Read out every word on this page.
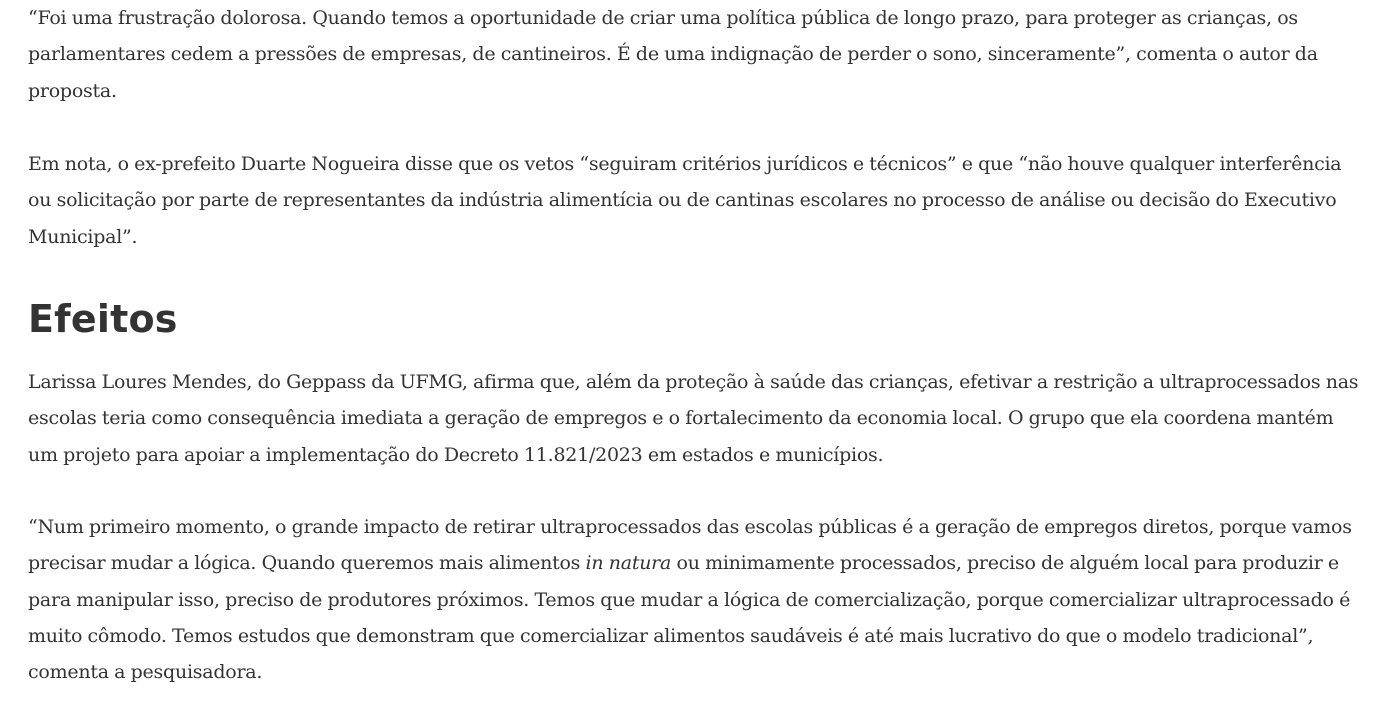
“Foi uma frustração dolorosa. Quando temos a oportunidade de criar uma política pública de longo prazo, para proteger as crianças, os parlamentares cedem a pressões de empresas, de cantineiros. É de uma indignação de perder o sono, sinceramente”, comenta o autor da proposta.

Em nota, o ex-prefeito Duarte Nogueira disse que os vetos “seguiram critérios jurídicos e técnicos” e que “não houve qualquer interferência ou solicitação por parte de representantes da indústria alimentícia ou de cantinas escolares no processo de análise ou decisão do Executivo Municipal”.

Efeitos

Larissa Loures Mendes, do Geppass da UFMG, afirma que, além da proteção à saúde das crianças, efetivar a restrição a ultraprocessados nas escolas teria como consequência imediata a geração de empregos e o fortalecimento da economia local. O grupo que ela coordena mantém um projeto para apoiar a implementação do Decreto 11.821/2023 em estados e municípios.

“Num primeiro momento, o grande impacto de retirar ultraprocessados das escolas públicas é a geração de empregos diretos, porque vamos precisar mudar a lógica. Quando queremos mais alimentos in natura ou minimamente processados, preciso de alguém local para produzir e para manipular isso, preciso de produtores próximos. Temos que mudar a lógica de comercialização, porque comercializar ultraprocessado é muito cômodo. Temos estudos que demonstram que comercializar alimentos saudáveis é até mais lucrativo do que o modelo tradicional”, comenta a pesquisadora.
